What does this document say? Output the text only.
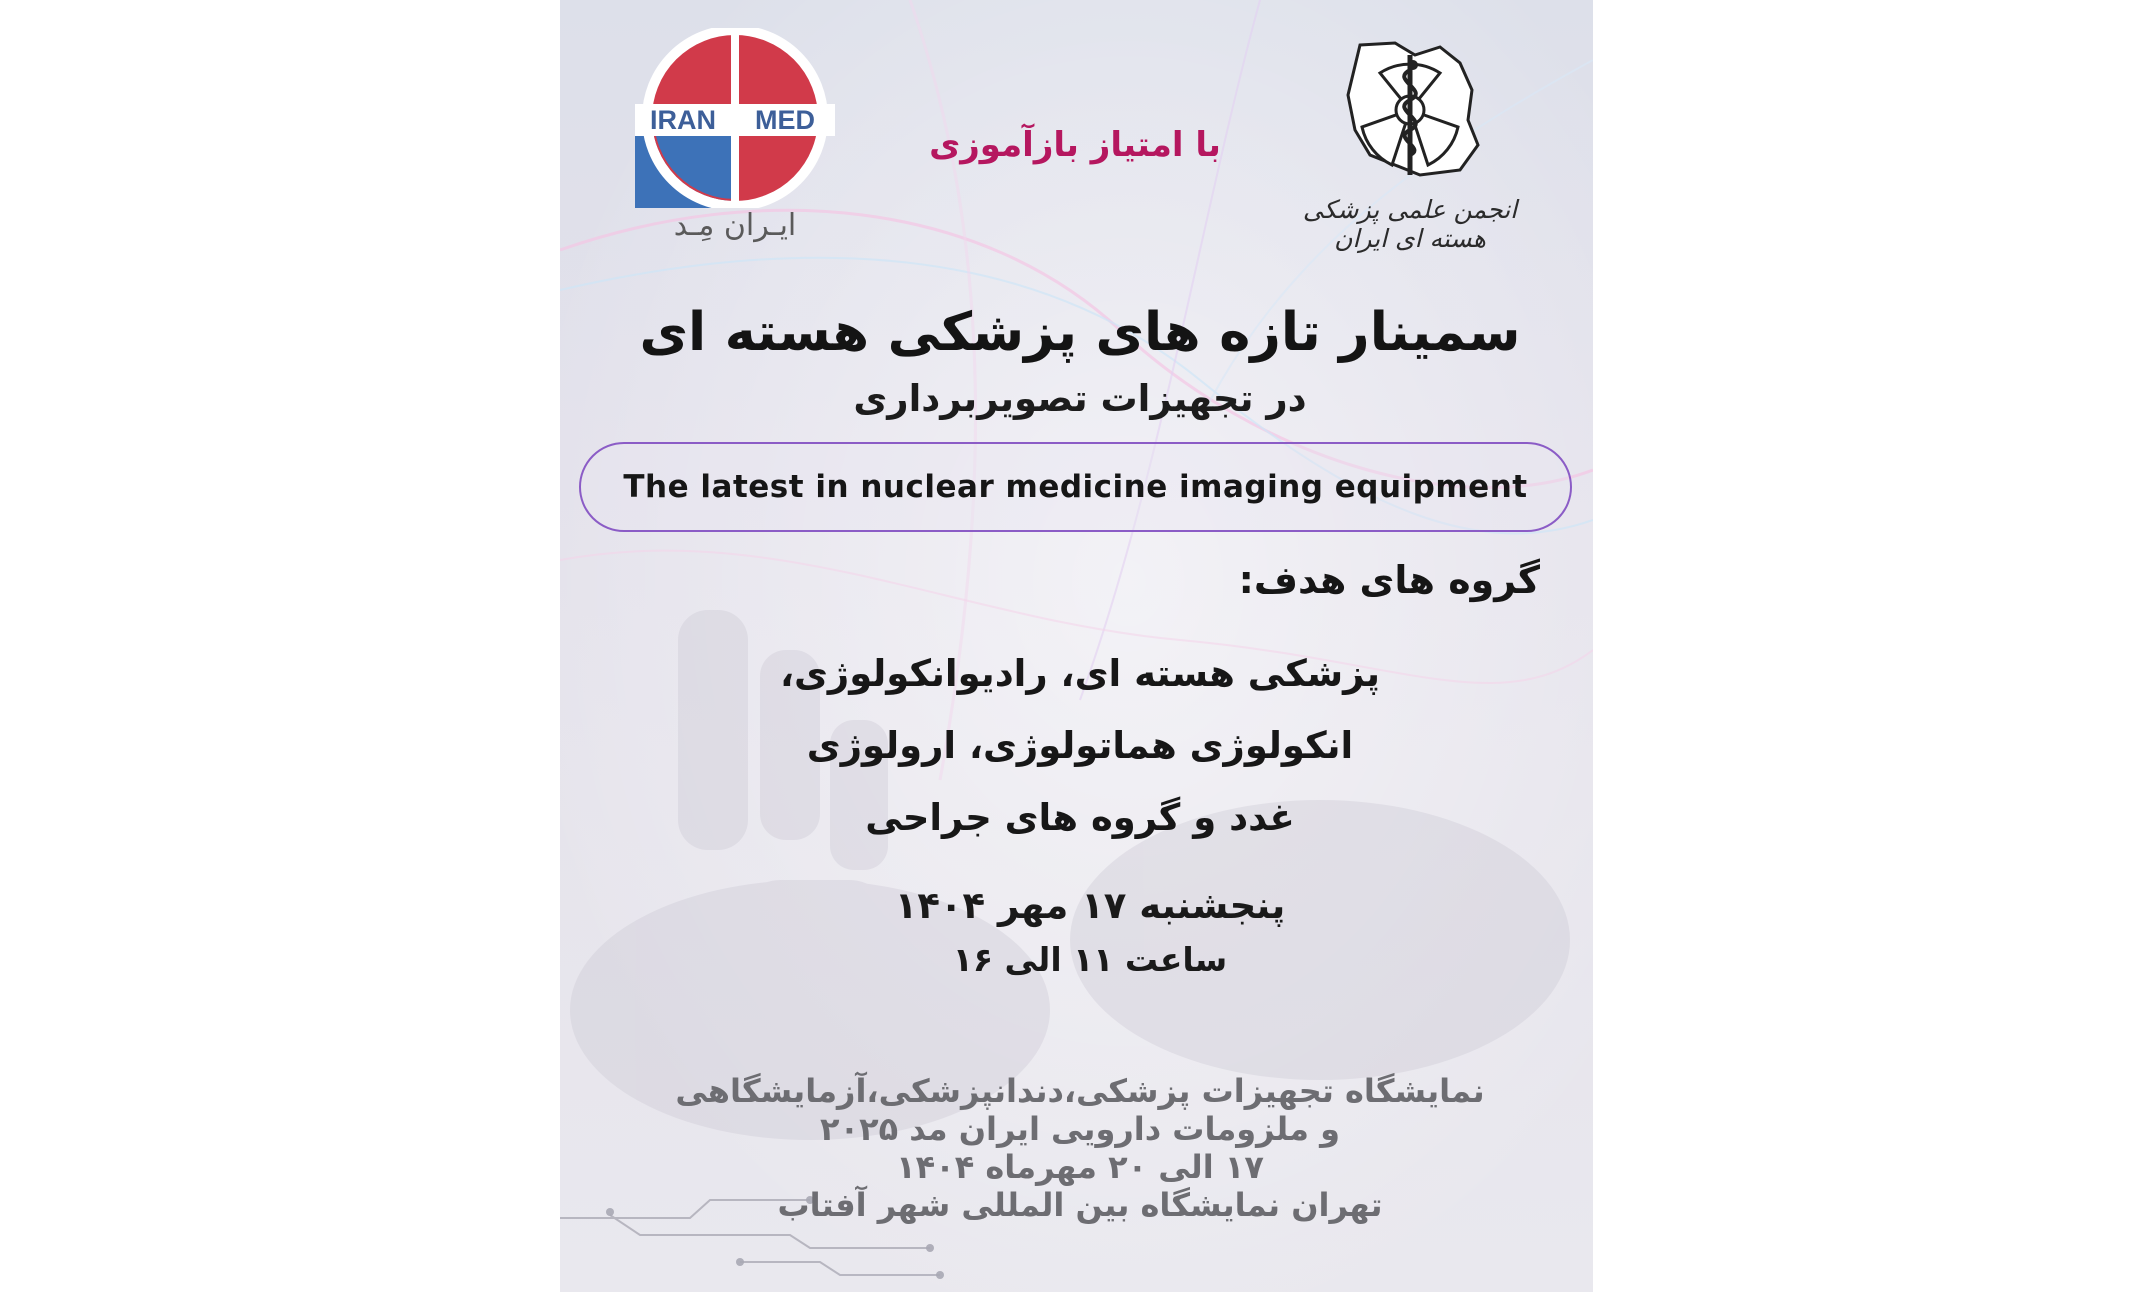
IRAN MED
ایـران مِـد
با امتیاز بازآموزی
انجمن علمی پزشکی هسته ای ایران
سمینار تازه های پزشکی هسته ای
در تجهیزات تصویربرداری
The latest in nuclear medicine imaging equipment
گروه های هدف:
پزشکی هسته ای، رادیوانکولوژی،
انکولوژی هماتولوژی، ارولوژی
غدد و گروه های جراحی
پنجشنبه ۱۷ مهر ۱۴۰۴
ساعت ۱۱ الی ۱۶
نمایشگاه تجهیزات پزشکی،دندانپزشکی،آزمایشگاهی
و ملزومات دارویی ایران مد ۲۰۲۵
۱۷ الی ۲۰ مهرماه ۱۴۰۴
تهران نمایشگاه بین المللی شهر آفتاب
